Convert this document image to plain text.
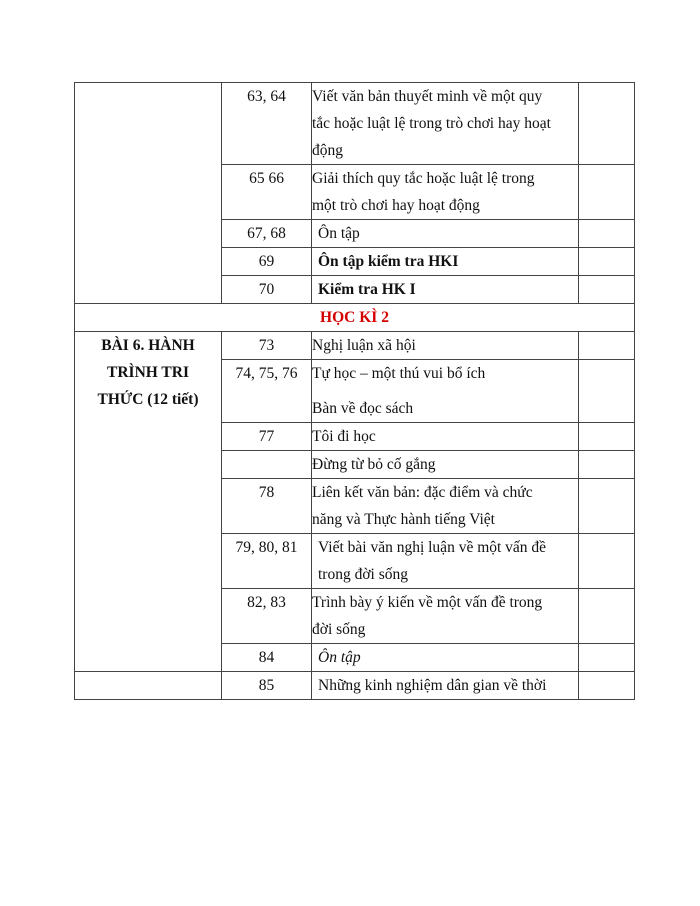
	63, 64	Viết văn bản thuyết minh về một quy
tắc hoặc luật lệ trong trò chơi hay hoạt
động	

	65 66	Giải thích quy tắc hoặc luật lệ trong
một trò chơi hay hoạt động	

	67, 68	Ôn tập	

	69	Ôn tập kiểm tra HKI	

	70	Kiểm tra HK I	

HỌC KÌ 2			

BÀI 6. HÀNH
TRÌNH TRI
THỨC (12 tiết)	73	Nghị luận xã hội	

	74, 75, 76	Tự học – một thú vui bổ ích
Bàn về đọc sách	

	77	Tôi đi học	

		Đừng từ bỏ cố gắng	

	78	Liên kết văn bản: đặc điểm và chức
năng và Thực hành tiếng Việt	

	79, 80, 81	Viết bài văn nghị luận về một vấn đề
trong đời sống	

	82, 83	Trình bày ý kiến về một vấn đề trong
đời sống	

	84	Ôn tập	

	85	Những kinh nghiệm dân gian về thời	
